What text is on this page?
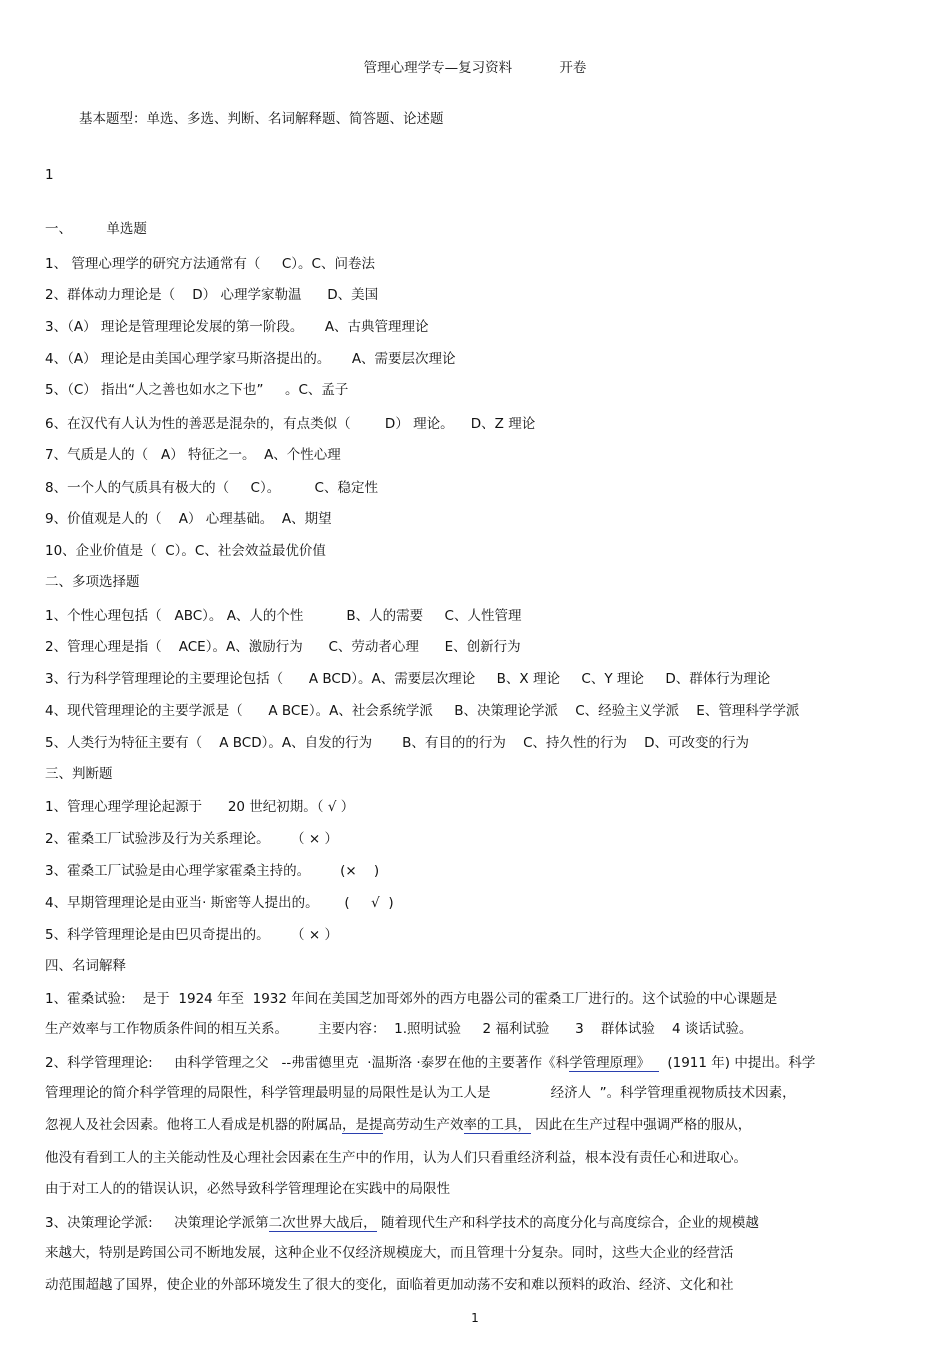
管理心理学专—复习资料           开卷
基本题型：单选、多选、判断、名词解释题、简答题、论述题
1
一、        单选题
1、 管理心理学的研究方法通常有（     C）。C、问卷法
2、群体动力理论是（    D） 心理学家勒温      D、美国
3、（A） 理论是管理理论发展的第一阶段。     A、古典管理理论
4、（A） 理论是由美国心理学家马斯洛提出的。     A、需要层次理论
5、（C） 指出“人之善也如水之下也”     。C、孟子
6、在汉代有人认为性的善恶是混杂的，有点类似（        D） 理论。    D、Z 理论
7、气质是人的（   A） 特征之一。  A、个性心理
8、一个人的气质具有极大的（     C）。        C、稳定性
9、价值观是人的（    A） 心理基础。  A、期望
10、企业价值是（  C）。C、社会效益最优价值
二、多项选择题
1、个性心理包括（   ABC）。 A、人的个性          B、人的需要     C、人性管理
2、管理心理是指（    ACE）。A、激励行为      C、劳动者心理      E、创新行为
3、行为科学管理理论的主要理论包括（      A BCD）。A、需要层次理论     B、X 理论     C、Y 理论     D、群体行为理论
4、现代管理理论的主要学派是（      A BCE）。A、社会系统学派     B、决策理论学派    C、经验主义学派    E、管理科学学派
5、人类行为特征主要有（    A BCD）。A、自发的行为       B、有目的的行为    C、持久性的行为    D、可改变的行为
三、判断题
1、管理心理学理论起源于      20 世纪初期。（ √ ）
2、霍桑工厂试验涉及行为关系理论。     （ × ）
3、霍桑工厂试验是由心理学家霍桑主持的。       (×    )
4、早期管理理论是由亚当· 斯密等人提出的。      (     √  )
5、科学管理理论是由巴贝奇提出的。     （ × ）
四、名词解释
1、霍桑试验:    是于  1924 年至  1932 年间在美国芝加哥郊外的西方电器公司的霍桑工厂进行的。这个试验的中心课题是
生产效率与工作物质条件间的相互关系。       主要内容：  1.照明试验     2 福利试验      3    群体试验    4 谈话试验。
2、科学管理理论:     由科学管理之父   --弗雷德里克  ·温斯洛 ·泰罗在他的主要著作《科学管理原理》    (1911 年) 中提出。科学
管理理论的简介科学管理的局限性，科学管理最明显的局限性是认为工人是              经济人  ”。科学管理重视物质技术因素，
忽视人及社会因素。他将工人看成是机器的附属品，是提高劳动生产效率的工具， 因此在生产过程中强调严格的服从，
他没有看到工人的主关能动性及心理社会因素在生产中的作用，认为人们只看重经济利益，根本没有责任心和进取心。
由于对工人的的错误认识，必然导致科学管理理论在实践中的局限性
3、决策理论学派:     决策理论学派第二次世界大战后， 随着现代生产和科学技术的高度分化与高度综合，企业的规模越
来越大，特别是跨国公司不断地发展，这种企业不仅经济规模庞大，而且管理十分复杂。同时，这些大企业的经营活
动范围超越了国界，使企业的外部环境发生了很大的变化，面临着更加动荡不安和难以预料的政治、经济、文化和社
1
